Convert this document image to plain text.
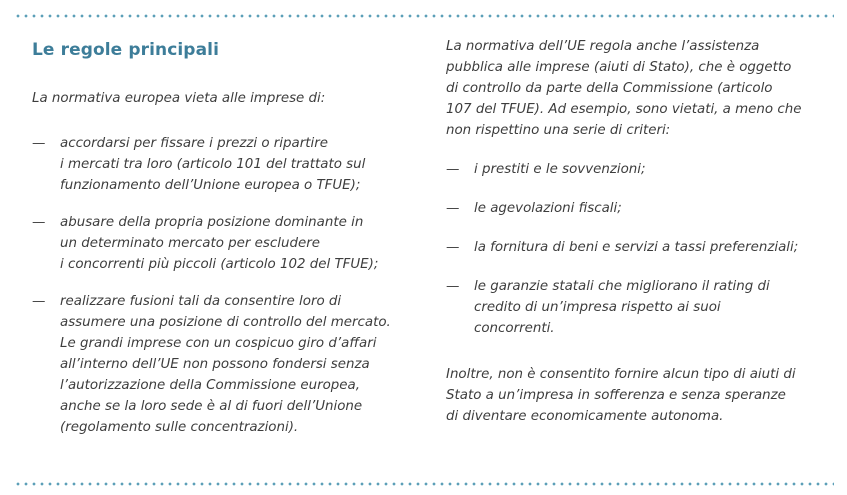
Le regole principali

La normativa europea vieta alle imprese di:

— accordarsi per fissare i prezzi o ripartire
i mercati tra loro (articolo 101 del trattato sul
funzionamento dell’Unione europea o TFUE);
— abusare della propria posizione dominante in
un determinato mercato per escludere
i concorrenti più piccoli (articolo 102 del TFUE);
— realizzare fusioni tali da consentire loro di
assumere una posizione di controllo del mercato.
Le grandi imprese con un cospicuo giro d’affari
all’interno dell’UE non possono fondersi senza
l’autorizzazione della Commissione europea,
anche se la loro sede è al di fuori dell’Unione
(regolamento sulle concentrazioni).

La normativa dell’UE regola anche l’assistenza
pubblica alle imprese (aiuti di Stato), che è oggetto
di controllo da parte della Commissione (articolo
107 del TFUE). Ad esempio, sono vietati, a meno che
non rispettino una serie di criteri:

— i prestiti e le sovvenzioni;
— le agevolazioni fiscali;
— la fornitura di beni e servizi a tassi preferenziali;
— le garanzie statali che migliorano il rating di
credito di un’impresa rispetto ai suoi
concorrenti.

Inoltre, non è consentito fornire alcun tipo di aiuti di
Stato a un’impresa in sofferenza e senza speranze
di diventare economicamente autonoma.
